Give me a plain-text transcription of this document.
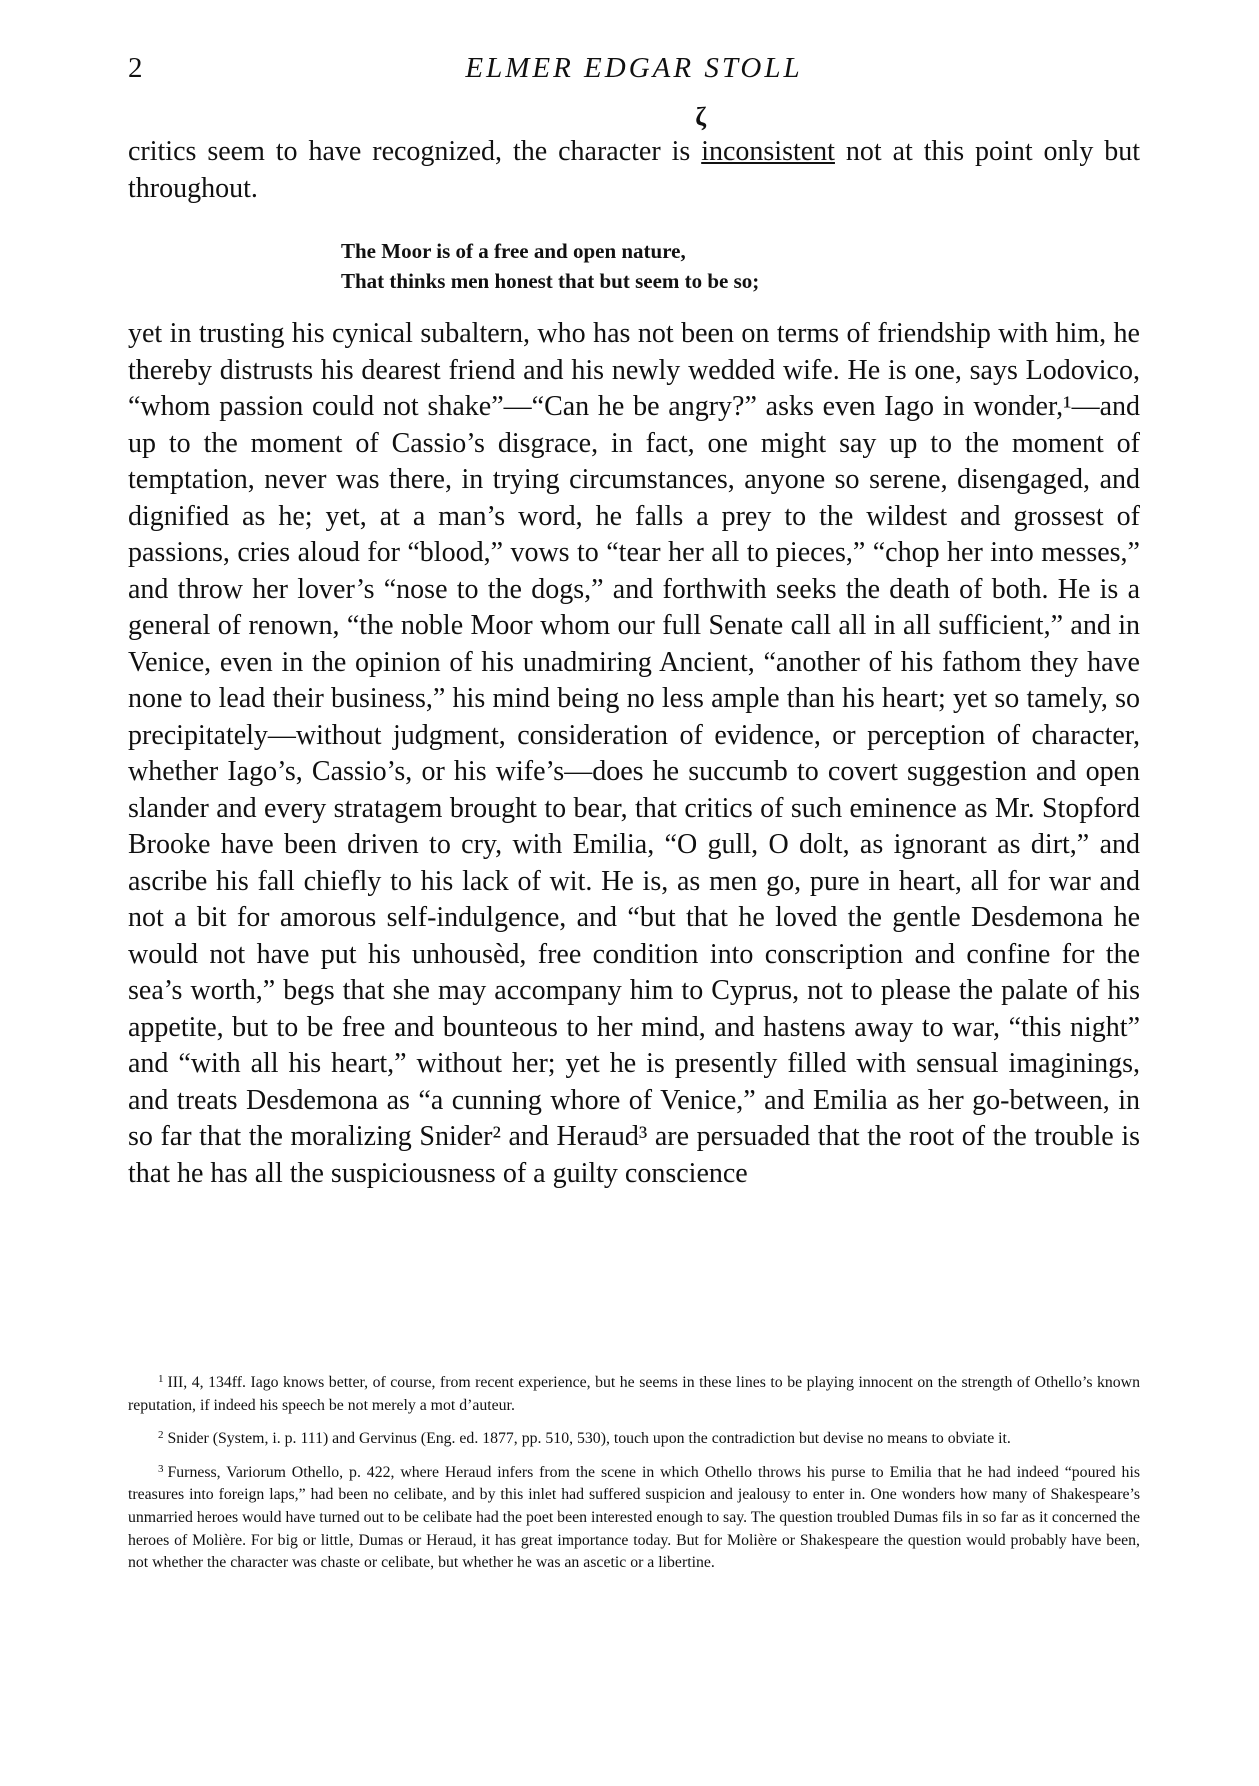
2	ELMER EDGAR STOLL
critics seem to have recognized, the character is
ζ
inconsistent not at this point only but throughout.
The Moor is of a free and open nature,
That thinks men honest that but seem to be so;
yet in trusting his cynical subaltern, who has not been on terms of friendship with him, he thereby distrusts his dearest friend and his newly wedded wife. He is one, says Lodovico, “whom passion could not shake”—“Can he be angry?” asks even Iago in wonder,¹—and up to the moment of Cassio’s disgrace, in fact, one might say up to the moment of temptation, never was there, in trying circumstances, anyone so serene, disengaged, and dignified as he; yet, at a man’s word, he falls a prey to the wildest and grossest of passions, cries aloud for “blood,” vows to “tear her all to pieces,” “chop her into messes,” and throw her lover’s “nose to the dogs,” and forthwith seeks the death of both. He is a general of renown, “the noble Moor whom our full Senate call all in all sufficient,” and in Venice, even in the opinion of his unadmiring Ancient, “another of his fathom they have none to lead their business,” his mind being no less ample than his heart; yet so tamely, so precipitately—without judgment, consideration of evidence, or perception of character, whether Iago’s, Cassio’s, or his wife’s—does he succumb to covert suggestion and open slander and every stratagem brought to bear, that critics of such eminence as Mr. Stopford Brooke have been driven to cry, with Emilia, “O gull, O dolt, as ignorant as dirt,” and ascribe his fall chiefly to his lack of wit. He is, as men go, pure in heart, all for war and not a bit for amorous self-indulgence, and “but that he loved the gentle Desdemona he would not have put his unhousèd, free condition into conscription and confine for the sea’s worth,” begs that she may accompany him to Cyprus, not to please the palate of his appetite, but to be free and bounteous to her mind, and hastens away to war, “this night” and “with all his heart,” without her; yet he is presently filled with sensual imaginings, and treats Desdemona as “a cunning whore of Venice,” and Emilia as her go-between, in so far that the moralizing Snider² and Heraud³ are persuaded that the root of the trouble is that he has all the suspiciousness of a guilty conscience

$^1$ III, 4, 134ff. Iago knows better, of course, from recent experience, but he seems in these lines to be playing innocent on the strength of Othello’s known reputation, if indeed his speech be not merely a mot d’auteur.

$^2$ Snider (System, i. p. 111) and Gervinus (Eng. ed. 1877, pp. 510, 530), touch upon the contradiction but devise no means to obviate it.

$^3$ Furness, Variorum Othello, p. 422, where Heraud infers from the scene in which Othello throws his purse to Emilia that he had indeed “poured his treasures into foreign laps,” had been no celibate, and by this inlet had suffered suspicion and jealousy to enter in. One wonders how many of Shakespeare’s unmarried heroes would have turned out to be celibate had the poet been interested enough to say. The question troubled Dumas fils in so far as it concerned the heroes of Molière. For big or little, Dumas or Heraud, it has great importance today. But for Molière or Shakespeare the question would probably have been, not whether the character was chaste or celibate, but whether he was an ascetic or a libertine.
